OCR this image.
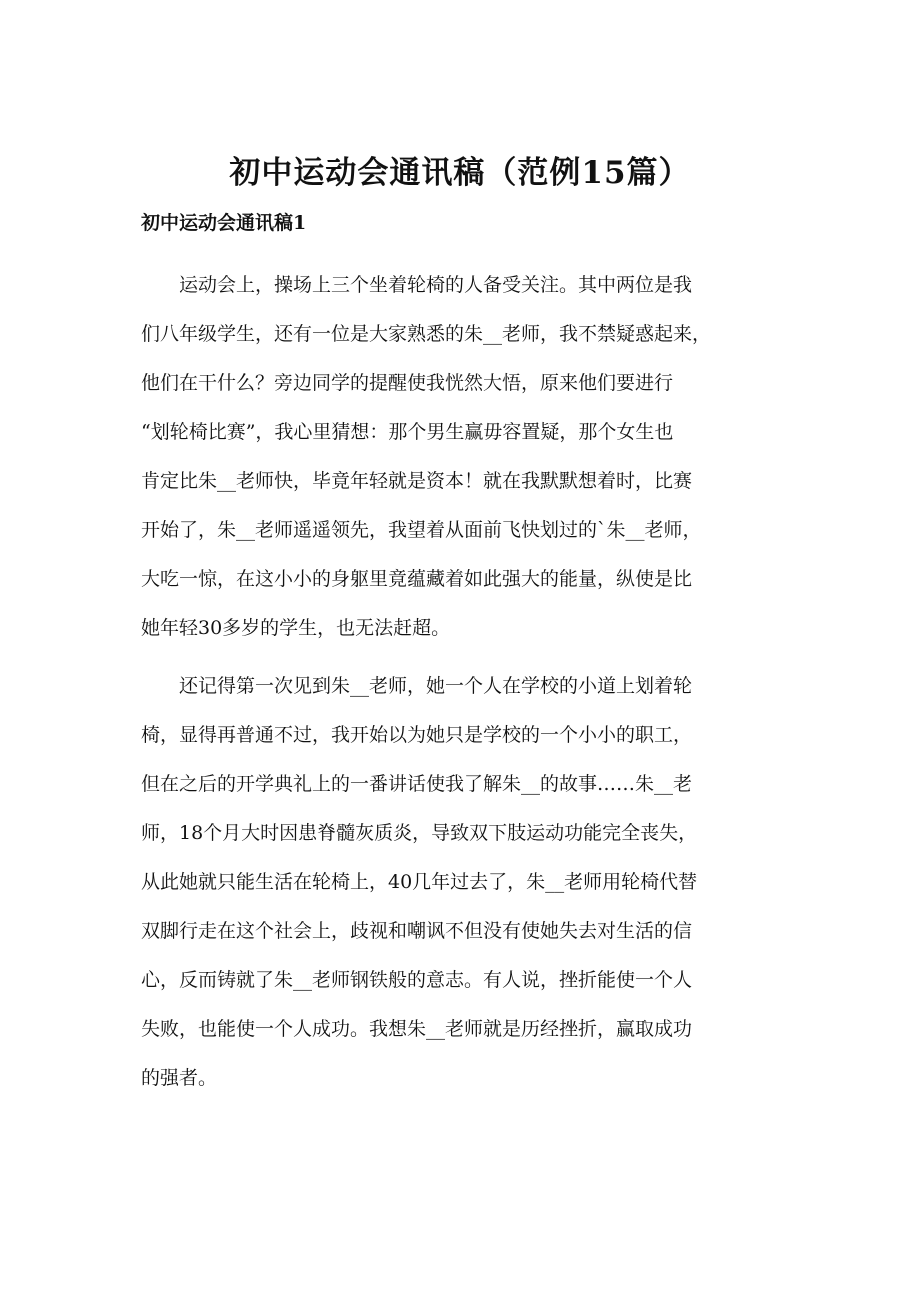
初中运动会通讯稿（范例15篇）
初中运动会通讯稿1
　　运动会上，操场上三个坐着轮椅的人备受关注。其中两位是我
们八年级学生，还有一位是大家熟悉的朱__老师，我不禁疑惑起来，
他们在干什么？旁边同学的提醒使我恍然大悟，原来他们要进行
“划轮椅比赛”，我心里猜想：那个男生赢毋容置疑，那个女生也
肯定比朱__老师快，毕竟年轻就是资本！就在我默默想着时，比赛
开始了，朱__老师遥遥领先，我望着从面前飞快划过的`朱__老师，
大吃一惊，在这小小的身躯里竟蕴藏着如此强大的能量，纵使是比
她年轻30多岁的学生，也无法赶超。
　　还记得第一次见到朱__老师，她一个人在学校的小道上划着轮
椅，显得再普通不过，我开始以为她只是学校的一个小小的职工，
但在之后的开学典礼上的一番讲话使我了解朱__的故事……朱__老
师，18个月大时因患脊髓灰质炎，导致双下肢运动功能完全丧失，
从此她就只能生活在轮椅上，40几年过去了，朱__老师用轮椅代替
双脚行走在这个社会上，歧视和嘲讽不但没有使她失去对生活的信
心，反而铸就了朱__老师钢铁般的意志。有人说，挫折能使一个人
失败，也能使一个人成功。我想朱__老师就是历经挫折，赢取成功
的强者。
